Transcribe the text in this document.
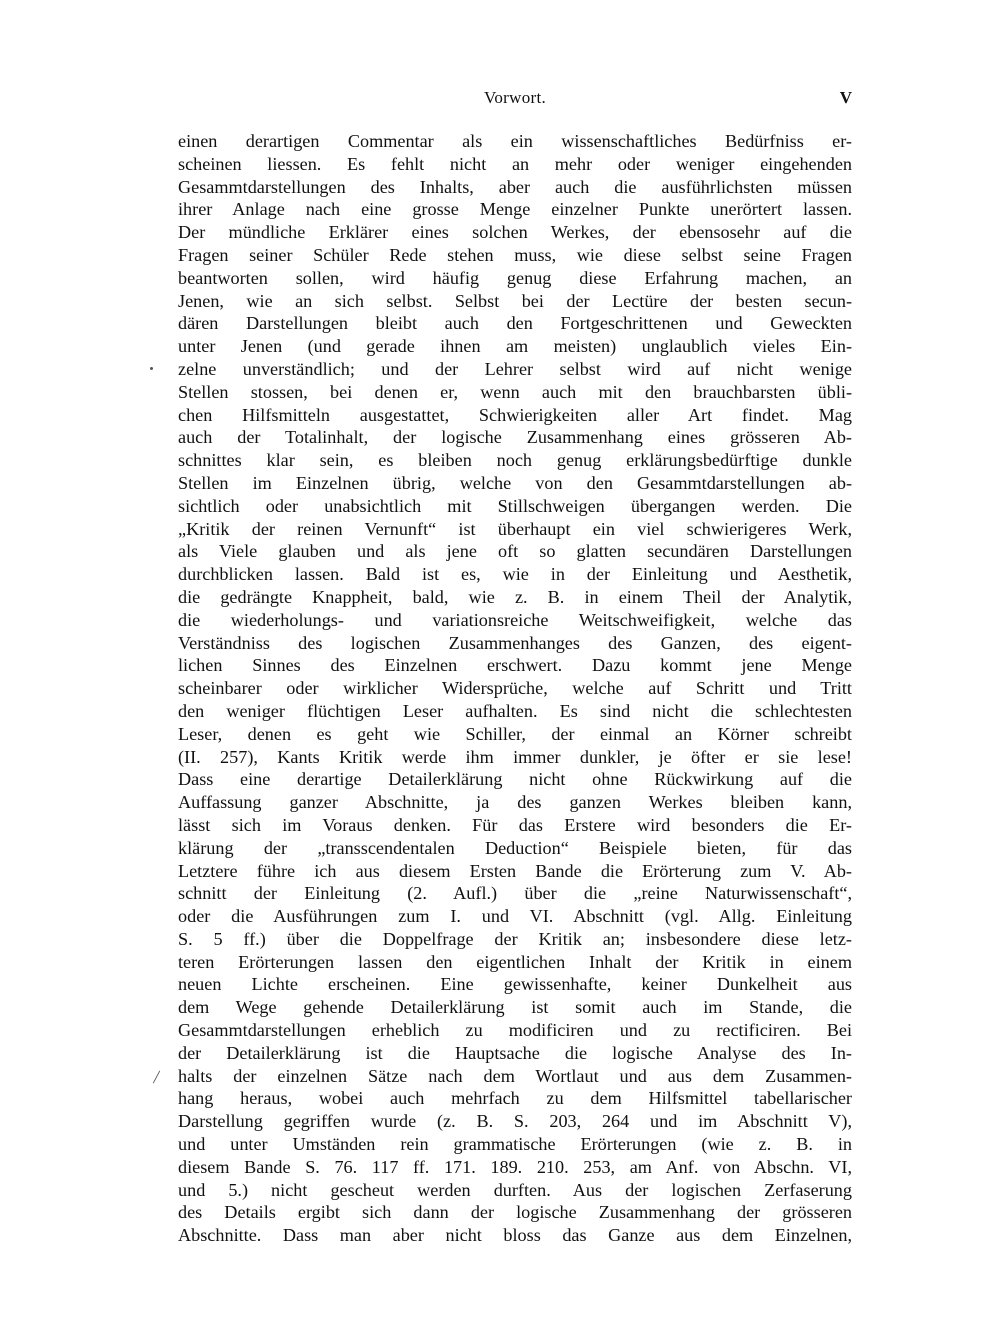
Vorwort.	V
einen derartigen Commentar als ein wissenschaftliches Bedürfniss er-
scheinen liessen. Es fehlt nicht an mehr oder weniger eingehenden
Gesammtdarstellungen des Inhalts, aber auch die ausführlichsten müssen
ihrer Anlage nach eine grosse Menge einzelner Punkte unerörtert lassen.
Der mündliche Erklärer eines solchen Werkes, der ebensosehr auf die
Fragen seiner Schüler Rede stehen muss, wie diese selbst seine Fragen
beantworten sollen, wird häufig genug diese Erfahrung machen, an
Jenen, wie an sich selbst. Selbst bei der Lectüre der besten secun-
dären Darstellungen bleibt auch den Fortgeschrittenen und Geweckten
unter Jenen (und gerade ihnen am meisten) unglaublich vieles Ein-
zelne unverständlich; und der Lehrer selbst wird auf nicht wenige
Stellen stossen, bei denen er, wenn auch mit den brauchbarsten übli-
chen Hilfsmitteln ausgestattet, Schwierigkeiten aller Art findet. Mag
auch der Totalinhalt, der logische Zusammenhang eines grösseren Ab-
schnittes klar sein, es bleiben noch genug erklärungsbedürftige dunkle
Stellen im Einzelnen übrig, welche von den Gesammtdarstellungen ab-
sichtlich oder unabsichtlich mit Stillschweigen übergangen werden. Die
„Kritik der reinen Vernunft“ ist überhaupt ein viel schwierigeres Werk,
als Viele glauben und als jene oft so glatten secundären Darstellungen
durchblicken lassen. Bald ist es, wie in der Einleitung und Aesthetik,
die gedrängte Knappheit, bald, wie z. B. in einem Theil der Analytik,
die wiederholungs- und variationsreiche Weitschweifigkeit, welche das
Verständniss des logischen Zusammenhanges des Ganzen, des eigent-
lichen Sinnes des Einzelnen erschwert. Dazu kommt jene Menge
scheinbarer oder wirklicher Widersprüche, welche auf Schritt und Tritt
den weniger flüchtigen Leser aufhalten. Es sind nicht die schlechtesten
Leser, denen es geht wie Schiller, der einmal an Körner schreibt
(II. 257), Kants Kritik werde ihm immer dunkler, je öfter er sie lese!
Dass eine derartige Detailerklärung nicht ohne Rückwirkung auf die
Auffassung ganzer Abschnitte, ja des ganzen Werkes bleiben kann,
lässt sich im Voraus denken. Für das Erstere wird besonders die Er-
klärung der „transscendentalen Deduction“ Beispiele bieten, für das
Letztere führe ich aus diesem Ersten Bande die Erörterung zum V. Ab-
schnitt der Einleitung (2. Aufl.) über die „reine Naturwissenschaft“,
oder die Ausführungen zum I. und VI. Abschnitt (vgl. Allg. Einleitung
S. 5 ff.) über die Doppelfrage der Kritik an; insbesondere diese letz-
teren Erörterungen lassen den eigentlichen Inhalt der Kritik in einem
neuen Lichte erscheinen. Eine gewissenhafte, keiner Dunkelheit aus
dem Wege gehende Detailerklärung ist somit auch im Stande, die
Gesammtdarstellungen erheblich zu modificiren und zu rectificiren. Bei
der Detailerklärung ist die Hauptsache die logische Analyse des In-
halts der einzelnen Sätze nach dem Wortlaut und aus dem Zusammen-
hang heraus, wobei auch mehrfach zu dem Hilfsmittel tabellarischer
Darstellung gegriffen wurde (z. B. S. 203, 264 und im Abschnitt V),
und unter Umständen rein grammatische Erörterungen (wie z. B. in
diesem Bande S. 76. 117 ff. 171. 189. 210. 253, am Anf. von Abschn. VI,
und 5.) nicht gescheut werden durften. Aus der logischen Zerfaserung
des Details ergibt sich dann der logische Zusammenhang der grösseren
Abschnitte. Dass man aber nicht bloss das Ganze aus dem Einzelnen,
